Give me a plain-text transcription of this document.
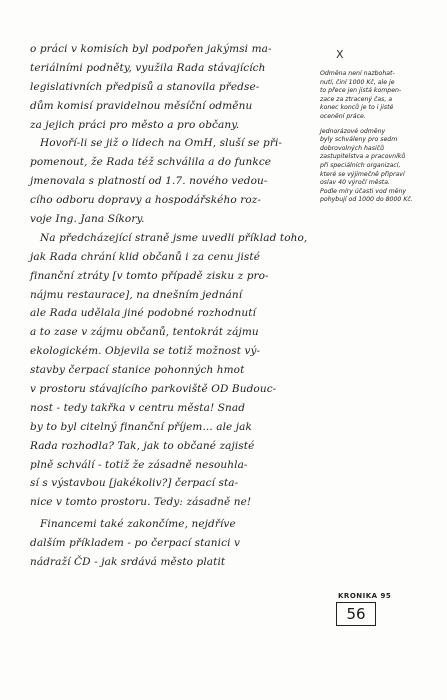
o práci v komisích byl podpořen jakýmsi ma-
teriálními podněty, využila Rada stávajících
legislativních předpisů a stanovila předse-
dům komisí pravidelnou měsíční odměnu
za jejich práci pro město a pro občany.
Hovoří-li se již o lidech na OmH, sluší se při-
pomenout, že Rada též schválila a do funkce
jmenovala s platností od 1.7. nového vedou-
cího odboru dopravy a hospodářského roz-
voje Ing. Jana Síkory.
Na předcházející straně jsme uvedli příklad toho,
jak Rada chrání klid občanů i za cenu jisté
finanční ztráty [v tomto případě zisku z pro-
nájmu restaurace], na dnešním jednání
ale Rada udělala jiné podobné rozhodnutí
a to zase v zájmu občanů, tentokrát zájmu
ekologickém. Objevila se totiž možnost vý-
stavby čerpací stanice pohonných hmot
v prostoru stávajícího parkoviště OD Budouc-
nost - tedy takřka v centru města! Snad
by to byl citelný finanční příjem... ale jak
Rada rozhodla? Tak, jak to občané zajisté
plně schválí - totiž že zásadně nesouhla-
sí s výstavbou [jakékoliv?] čerpací sta-
nice v tomto prostoru. Tedy: zásadně ne!
Financemi také zakončíme, nejdříve
dalším příkladem - po čerpací stanici v
nádraží ČD - jak srdává město platit
X
Odměna není nazbohat-
nutí, činí 1000 Kč, ale je
to přece jen jistá kompen-
zace za ztracený čas, a
konec konců je to i jisté
ocenění práce.
Jednorázové odměny
byly schváleny pro sedm
dobrovolných hasičů
zastupitelstva a pracovníků
při speciálních organizací,
které se výjimečně připraví
oslav 40 výročí města.
Podle míry účasti vod měny
pohybují od 1000 do 8000 Kč.
KRONIKA 95
56
